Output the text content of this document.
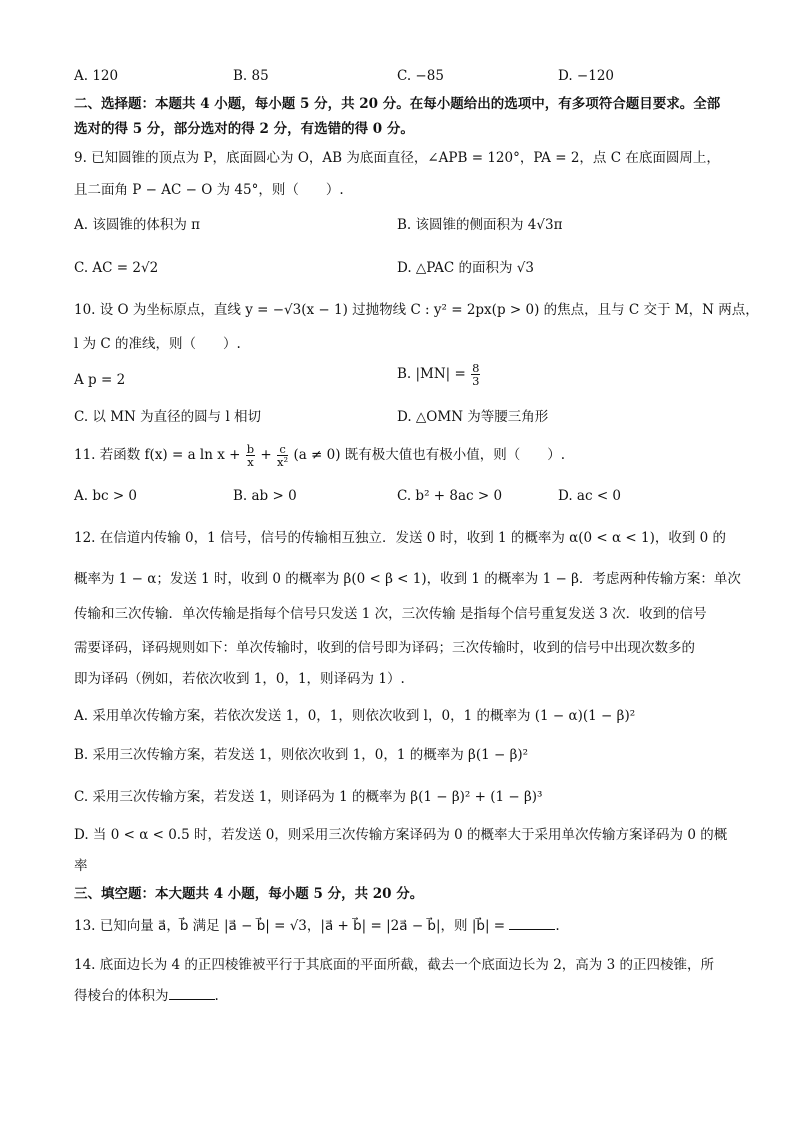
A. 120	B. 85	C. −85	D. −120
二、选择题：本题共 4 小题，每小题 5 分，共 20 分。在每小题给出的选项中，有多项符合题目要求。全部
选对的得 5 分，部分选对的得 2 分，有选错的得 0 分。
9. 已知圆锥的顶点为 P，底面圆心为 O，AB 为底面直径，∠APB = 120°，PA = 2，点 C 在底面圆周上，
且二面角 P − AC − O 为 45°，则（　　）.
A. 该圆锥的体积为 π	B. 该圆锥的侧面积为 4√3π
C. AC = 2√2	D. △PAC 的面积为 √3
10. 设 O 为坐标原点，直线 y = −√3(x − 1) 过抛物线 C : y² = 2px(p > 0) 的焦点，且与 C 交于 M，N 两点，
l 为 C 的准线，则（　　）.
A p = 2	B. $|MN| = \frac{8}{3}$
C. 以 MN 为直径的圆与 l 相切	D. △OMN 为等腰三角形
11. 若函数 f(x) = a $\ln x + \frac{b}{x} + \frac{c}{\text{x²}} (a \ne 0)$ 既有极大值也有极小值，则（　　）.
A. bc > 0	B. ab > 0	C. b² + 8ac > 0	D. ac < 0
12. 在信道内传输 0，1 信号，信号的传输相互独立．发送 0 时，收到 1 的概率为 α(0 < α < 1)，收到 0 的
概率为 1 − α；发送 1 时，收到 0 的概率为 β(0 < β < 1)，收到 1 的概率为 1 − β．考虑两种传输方案：单次
传输和三次传输．单次传输是指每个信号只发送 1 次，三次传输 是指每个信号重复发送 3 次．收到的信号
需要译码，译码规则如下：单次传输时，收到的信号即为译码；三次传输时，收到的信号中出现次数多的
即为译码（例如，若依次收到 1，0，1，则译码为 1）.
A. 采用单次传输方案，若依次发送 1，0，1，则依次收到 l，0，1 的概率为 (1 − α)(1 − β)²
B. 采用三次传输方案，若发送 1，则依次收到 1，0，1 的概率为 β(1 − β)²
C. 采用三次传输方案，若发送 1，则译码为 1 的概率为 β(1 − β)² + (1 − β)³
D. 当 0 < α < 0.5 时，若发送 0，则采用三次传输方案译码为 0 的概率大于采用单次传输方案译码为 0 的概
率
三、填空题：本大题共 4 小题，每小题 5 分，共 20 分。
13. 已知向量 a⃗，b⃗ 满足 |a⃗ − b⃗| = √3，|a⃗ + b⃗| = |2a⃗ − b⃗|，则 |b⃗| =	.
14. 底面边长为 4 的正四棱锥被平行于其底面的平面所截，截去一个底面边长为 2，高为 3 的正四棱锥，所
得棱台的体积为	.
